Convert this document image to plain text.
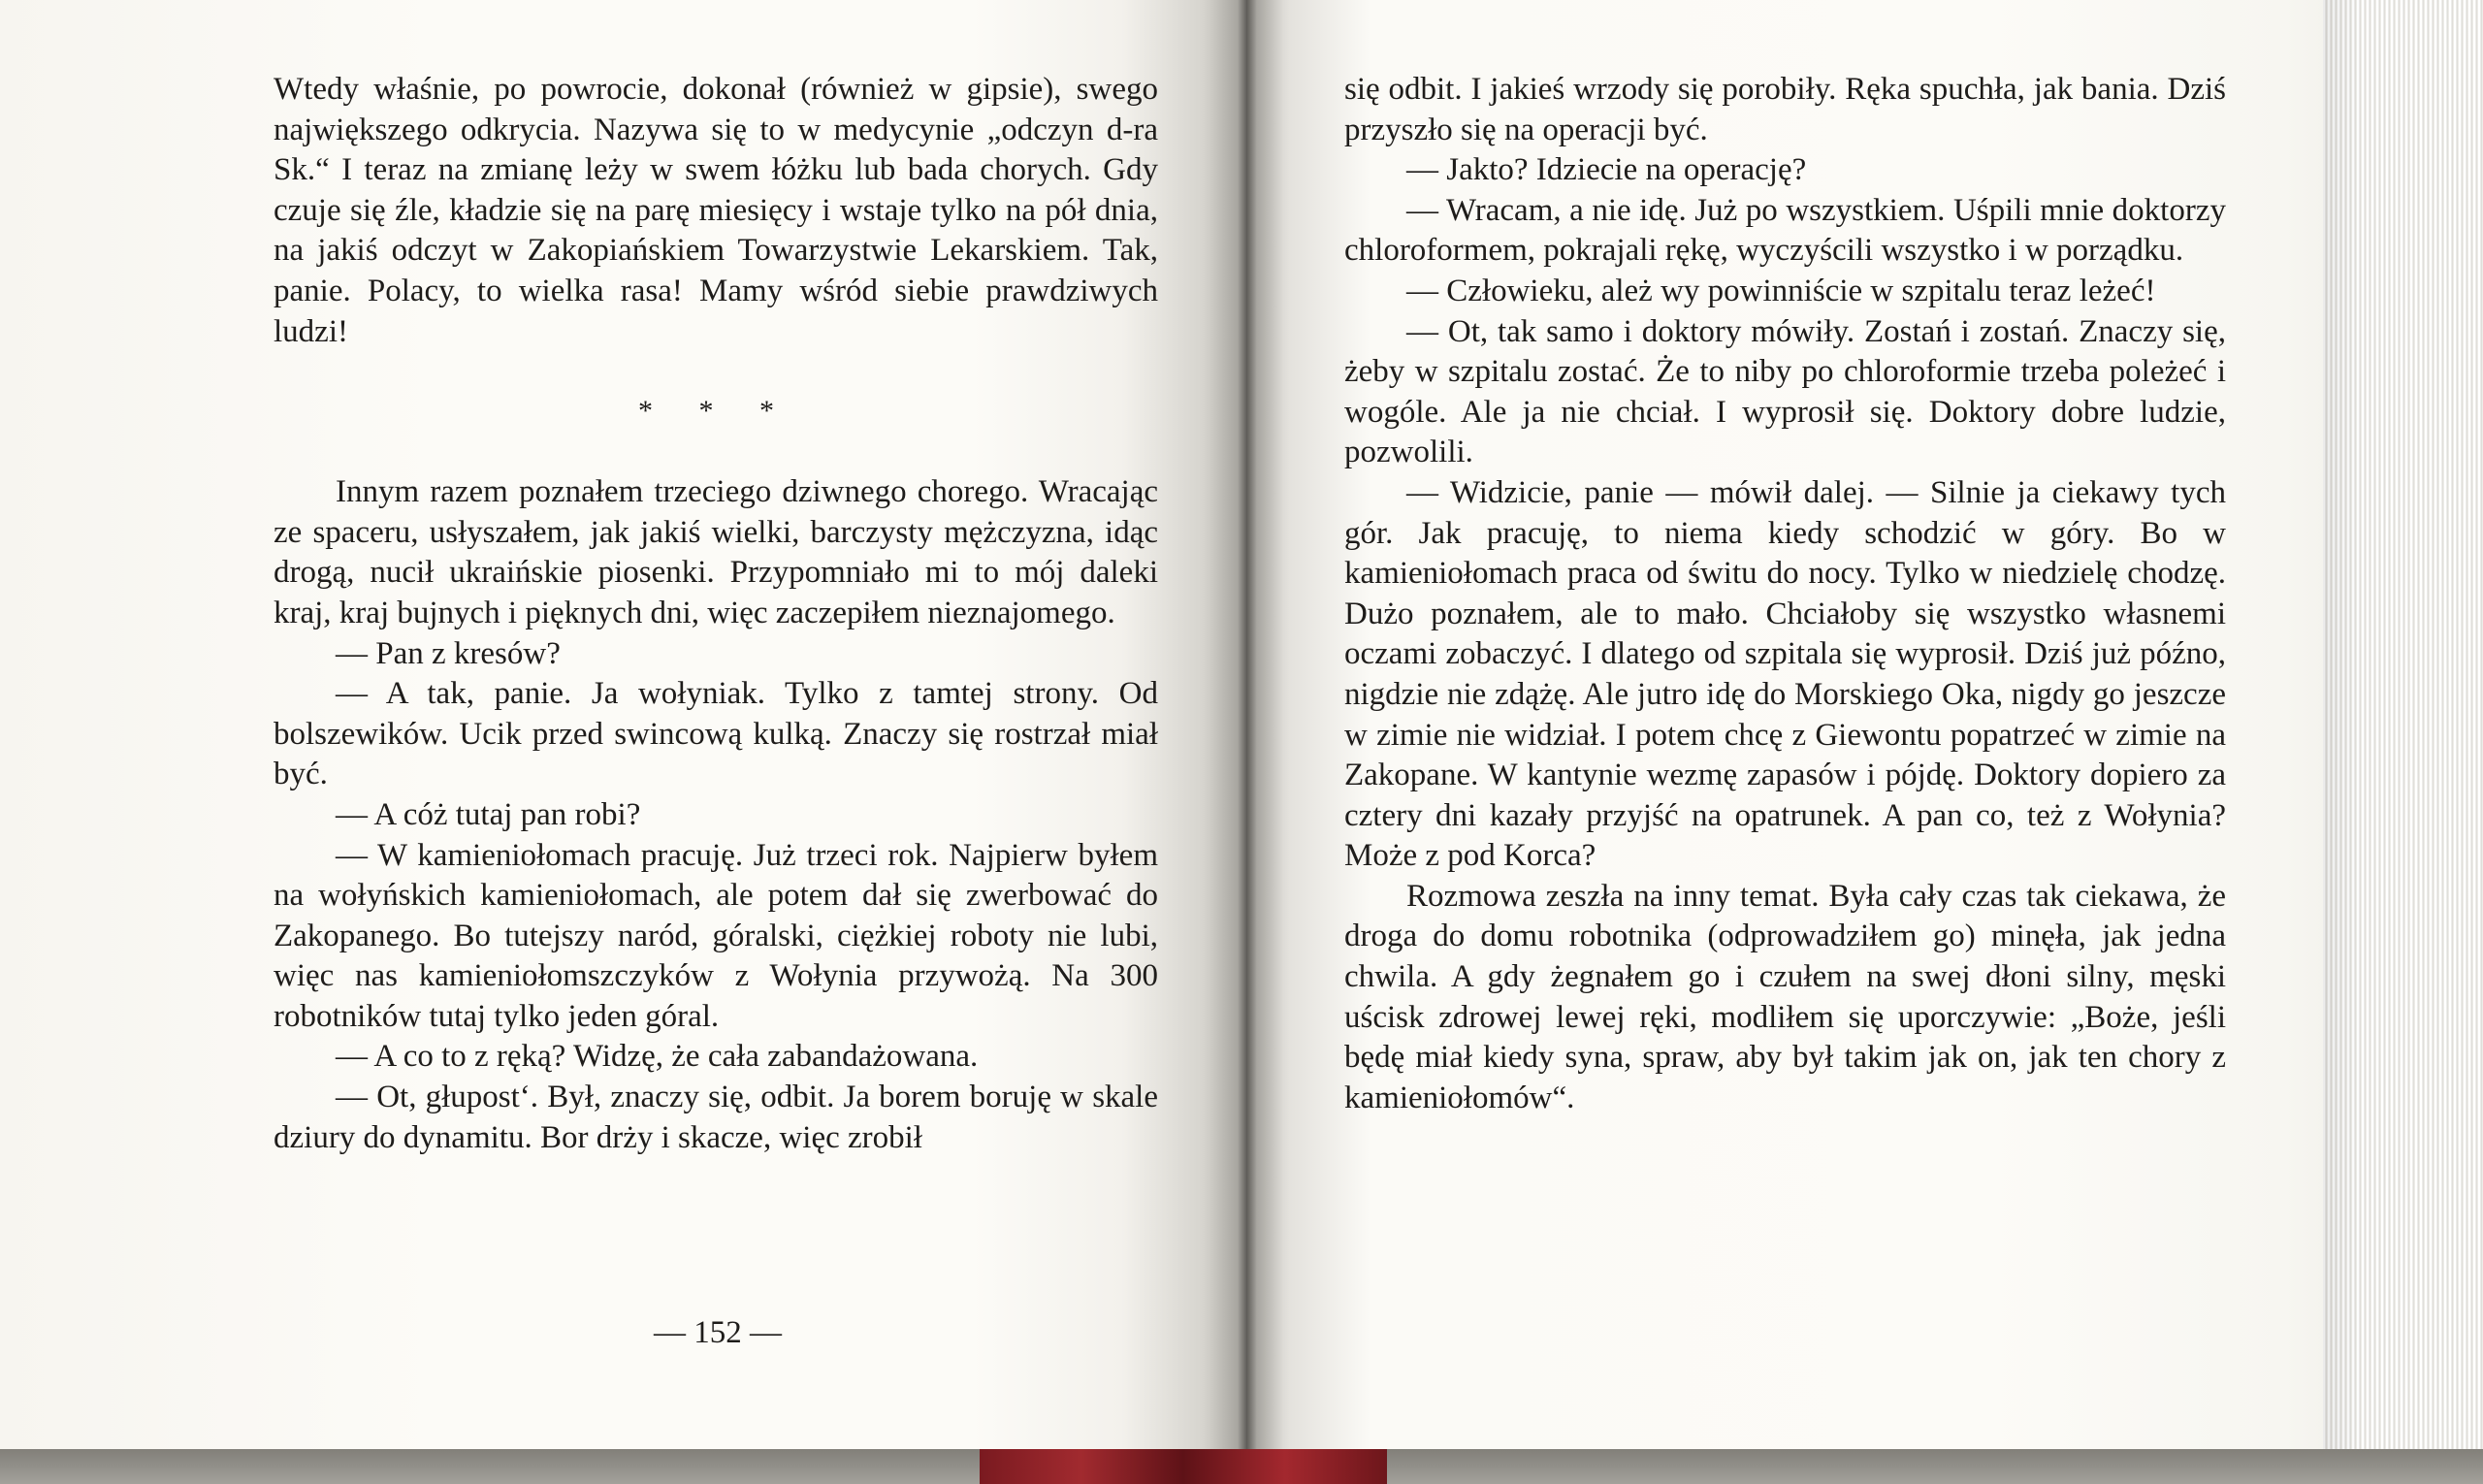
Wtedy właśnie, po powrocie, dokonał (również w gipsie), swego największego odkrycia. Nazywa się to w medycynie „odczyn d-ra Sk.“ I teraz na zmianę leży w swem łóżku lub bada chorych. Gdy czuje się źle, kładzie się na parę miesięcy i wstaje tylko na pół dnia, na jakiś odczyt w Zakopiańskiem Towarzystwie Lekarskiem. Tak, panie. Polacy, to wielka rasa! Mamy wśród siebie prawdziwych ludzi!

* * *

Innym razem poznałem trzeciego dziwnego chorego. Wracając ze spaceru, usłyszałem, jak jakiś wielki, barczysty mężczyzna, idąc drogą, nucił ukraińskie piosenki. Przypomniało mi to mój daleki kraj, kraj bujnych i pięknych dni, więc zaczepiłem nieznajomego.

— Pan z kresów?

— A tak, panie. Ja wołyniak. Tylko z tamtej strony. Od bolszewików. Ucik przed swincową kulką. Znaczy się rostrzał miał być.

— A cóż tutaj pan robi?

— W kamieniołomach pracuję. Już trzeci rok. Najpierw byłem na wołyńskich kamieniołomach, ale potem dał się zwerbować do Zakopanego. Bo tutejszy naród, góralski, ciężkiej roboty nie lubi, więc nas kamieniołomszczyków z Wołynia przywożą. Na 300 robotników tutaj tylko jeden góral.

— A co to z ręką? Widzę, że cała zabandażowana.

— Ot, głupost‘. Był, znaczy się, odbit. Ja borem boruję w skale dziury do dynamitu. Bor drży i skacze, więc zrobił

— 152 —

się odbit. I jakieś wrzody się porobiły. Ręka spuchła, jak bania. Dziś przyszło się na operacji być.

— Jakto? Idziecie na operację?

— Wracam, a nie idę. Już po wszystkiem. Uśpili mnie doktorzy chloroformem, pokrajali rękę, wyczyścili wszystko i w porządku.

— Człowieku, ależ wy powinniście w szpitalu teraz leżeć!

— Ot, tak samo i doktory mówiły. Zostań i zostań. Znaczy się, żeby w szpitalu zostać. Że to niby po chloroformie trzeba poleżeć i wogóle. Ale ja nie chciał. I wyprosił się. Doktory dobre ludzie, pozwolili.

— Widzicie, panie — mówił dalej. — Silnie ja ciekawy tych gór. Jak pracuję, to niema kiedy schodzić w góry. Bo w kamieniołomach praca od świtu do nocy. Tylko w niedzielę chodzę. Dużo poznałem, ale to mało. Chciałoby się wszystko własnemi oczami zobaczyć. I dlatego od szpitala się wyprosił. Dziś już późno, nigdzie nie zdążę. Ale jutro idę do Morskiego Oka, nigdy go jeszcze w zimie nie widział. I potem chcę z Giewontu popatrzeć w zimie na Zakopane. W kantynie wezmę zapasów i pójdę. Doktory dopiero za cztery dni kazały przyjść na opatrunek. A pan co, też z Wołynia? Może z pod Korca?

Rozmowa zeszła na inny temat. Była cały czas tak ciekawa, że droga do domu robotnika (odprowadziłem go) minęła, jak jedna chwila. A gdy żegnałem go i czułem na swej dłoni silny, męski uścisk zdrowej lewej ręki, modliłem się uporczywie: „Boże, jeśli będę miał kiedy syna, spraw, aby był takim jak on, jak ten chory z kamieniołomów“.
